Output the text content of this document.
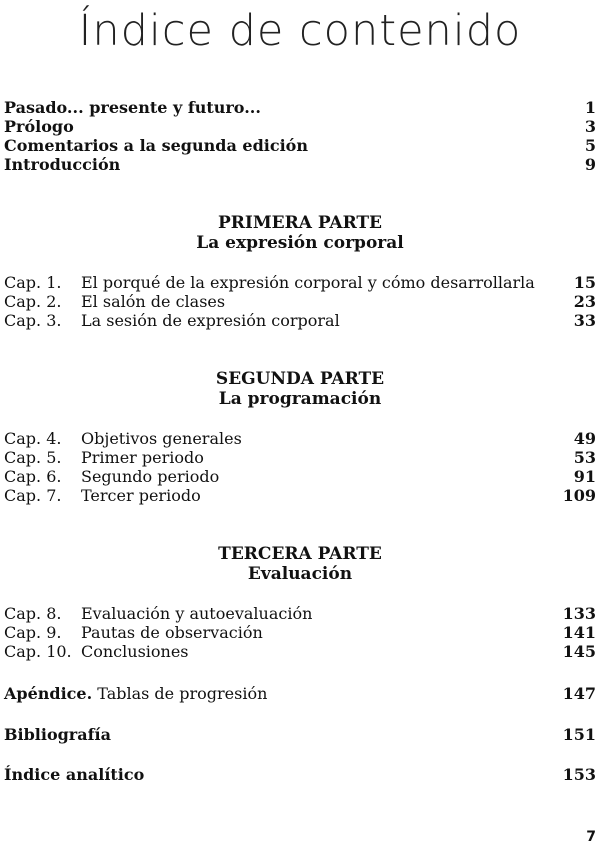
Índice de contenido
Pasado... presente y futuro...	1
Prólogo	3
Comentarios a la segunda edición	5
Introducción	9
PRIMERA PARTE
La expresión corporal
Cap. 1. El porqué de la expresión corporal y cómo desarrollarla	15
Cap. 2. El salón de clases	23
Cap. 3. La sesión de expresión corporal	33
SEGUNDA PARTE
La programación
Cap. 4. Objetivos generales	49
Cap. 5. Primer periodo	53
Cap. 6. Segundo periodo	91
Cap. 7. Tercer periodo	109
TERCERA PARTE
Evaluación
Cap. 8. Evaluación y autoevaluación	133
Cap. 9. Pautas de observación	141
Cap. 10. Conclusiones	145
Apéndice. Tablas de progresión	147
Bibliografía	151
Índice analítico	153
7
